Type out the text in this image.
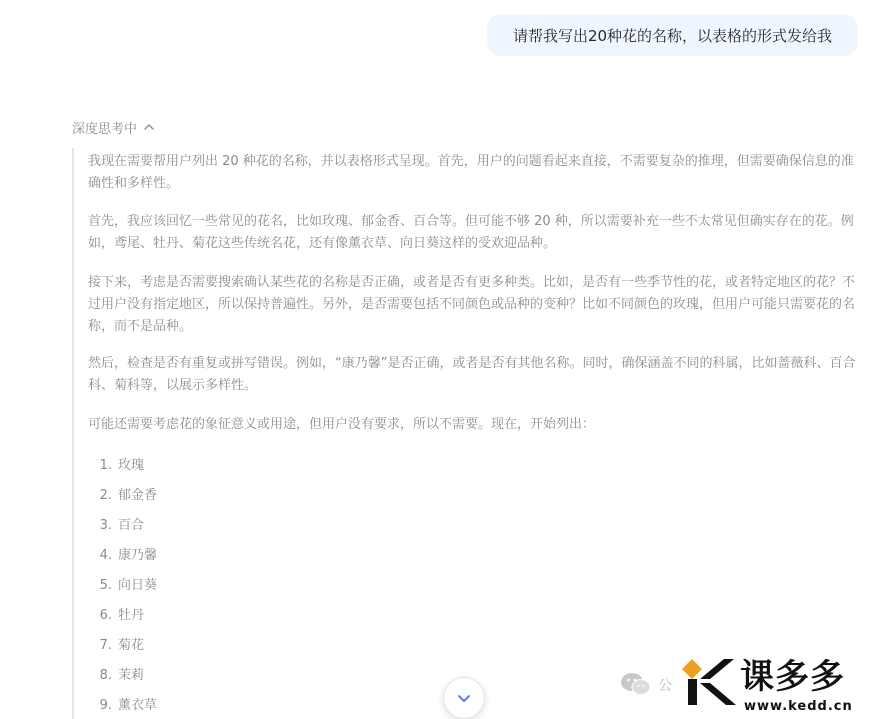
请帮我写出20种花的名称，以表格的形式发给我
深度思考中

我现在需要帮用户列出 20 种花的名称，并以表格形式呈现。首先，用户的问题看起来直接，不需要复杂的推理，但需要确保信息的准确性和多样性。

首先，我应该回忆一些常见的花名，比如玫瑰、郁金香、百合等。但可能不够 20 种，所以需要补充一些不太常见但确实存在的花。例如，鸢尾、牡丹、菊花这些传统名花，还有像薰衣草、向日葵这样的受欢迎品种。

接下来，考虑是否需要搜索确认某些花的名称是否正确，或者是否有更多种类。比如，是否有一些季节性的花，或者特定地区的花？不过用户没有指定地区，所以保持普遍性。另外，是否需要包括不同颜色或品种的变种？比如不同颜色的玫瑰，但用户可能只需要花的名称，而不是品种。

然后，检查是否有重复或拼写错误。例如，“康乃馨”是否正确，或者是否有其他名称。同时，确保涵盖不同的科属，比如蔷薇科、百合科、菊科等，以展示多样性。

可能还需要考虑花的象征意义或用途，但用户没有要求，所以不需要。现在，开始列出：

1. 玫瑰
2. 郁金香
3. 百合
4. 康乃馨
5. 向日葵
6. 牡丹
7. 菊花
8. 茉莉
9. 薰衣草
公 课多多
www.kedd.cn
